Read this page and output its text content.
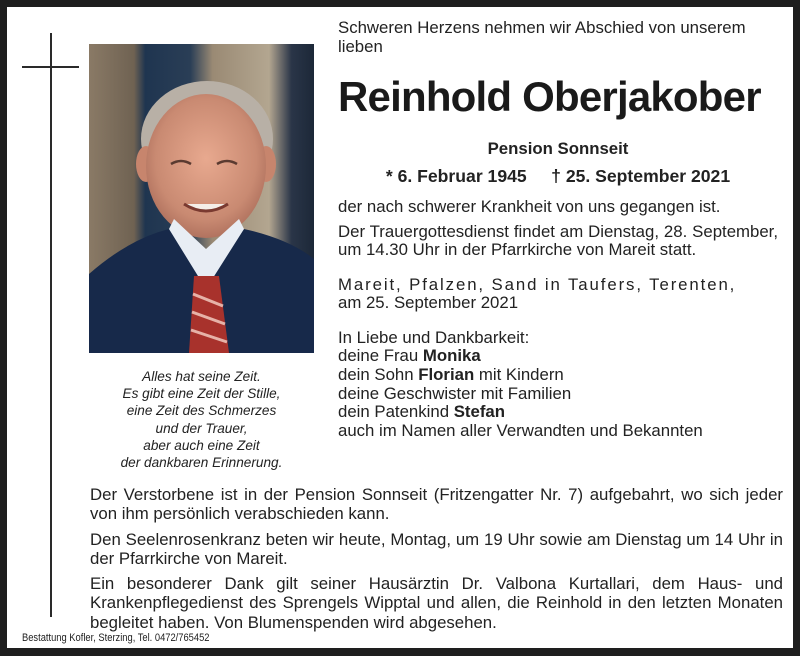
Alles hat seine Zeit.
Es gibt eine Zeit der Stille,
eine Zeit des Schmerzes
und der Trauer,
aber auch eine Zeit
der dankbaren Erinnerung.

Schweren Herzens nehmen wir Abschied von unserem lieben

Reinhold Oberjakober
Pension Sonnseit
* 6. Februar 1945 † 25. September 2021

der nach schwerer Krankheit von uns gegangen ist.

Der Trauergottesdienst findet am Dienstag, 28. September, um 14.30 Uhr in der Pfarrkirche von Mareit statt.

Mareit, Pfalzen, Sand in Taufers, Terenten,
am 25. September 2021
In Liebe und Dankbarkeit:
deine Frau Monika
dein Sohn Florian mit Kindern
deine Geschwister mit Familien
dein Patenkind Stefan
auch im Namen aller Verwandten und Bekannten

Der Verstorbene ist in der Pension Sonnseit (Fritzengatter Nr. 7) aufgebahrt, wo sich jeder von ihm persönlich verabschieden kann.

Den Seelenrosenkranz beten wir heute, Montag, um 19 Uhr sowie am Dienstag um 14 Uhr in der Pfarrkirche von Mareit.

Ein besonderer Dank gilt seiner Hausärztin Dr. Valbona Kurtallari, dem Haus- und Krankenpflegedienst des Sprengels Wipptal und allen, die Reinhold in den letzten Monaten begleitet haben. Von Blumenspenden wird abgesehen.

Bestattung Kofler, Sterzing, Tel. 0472/765452
